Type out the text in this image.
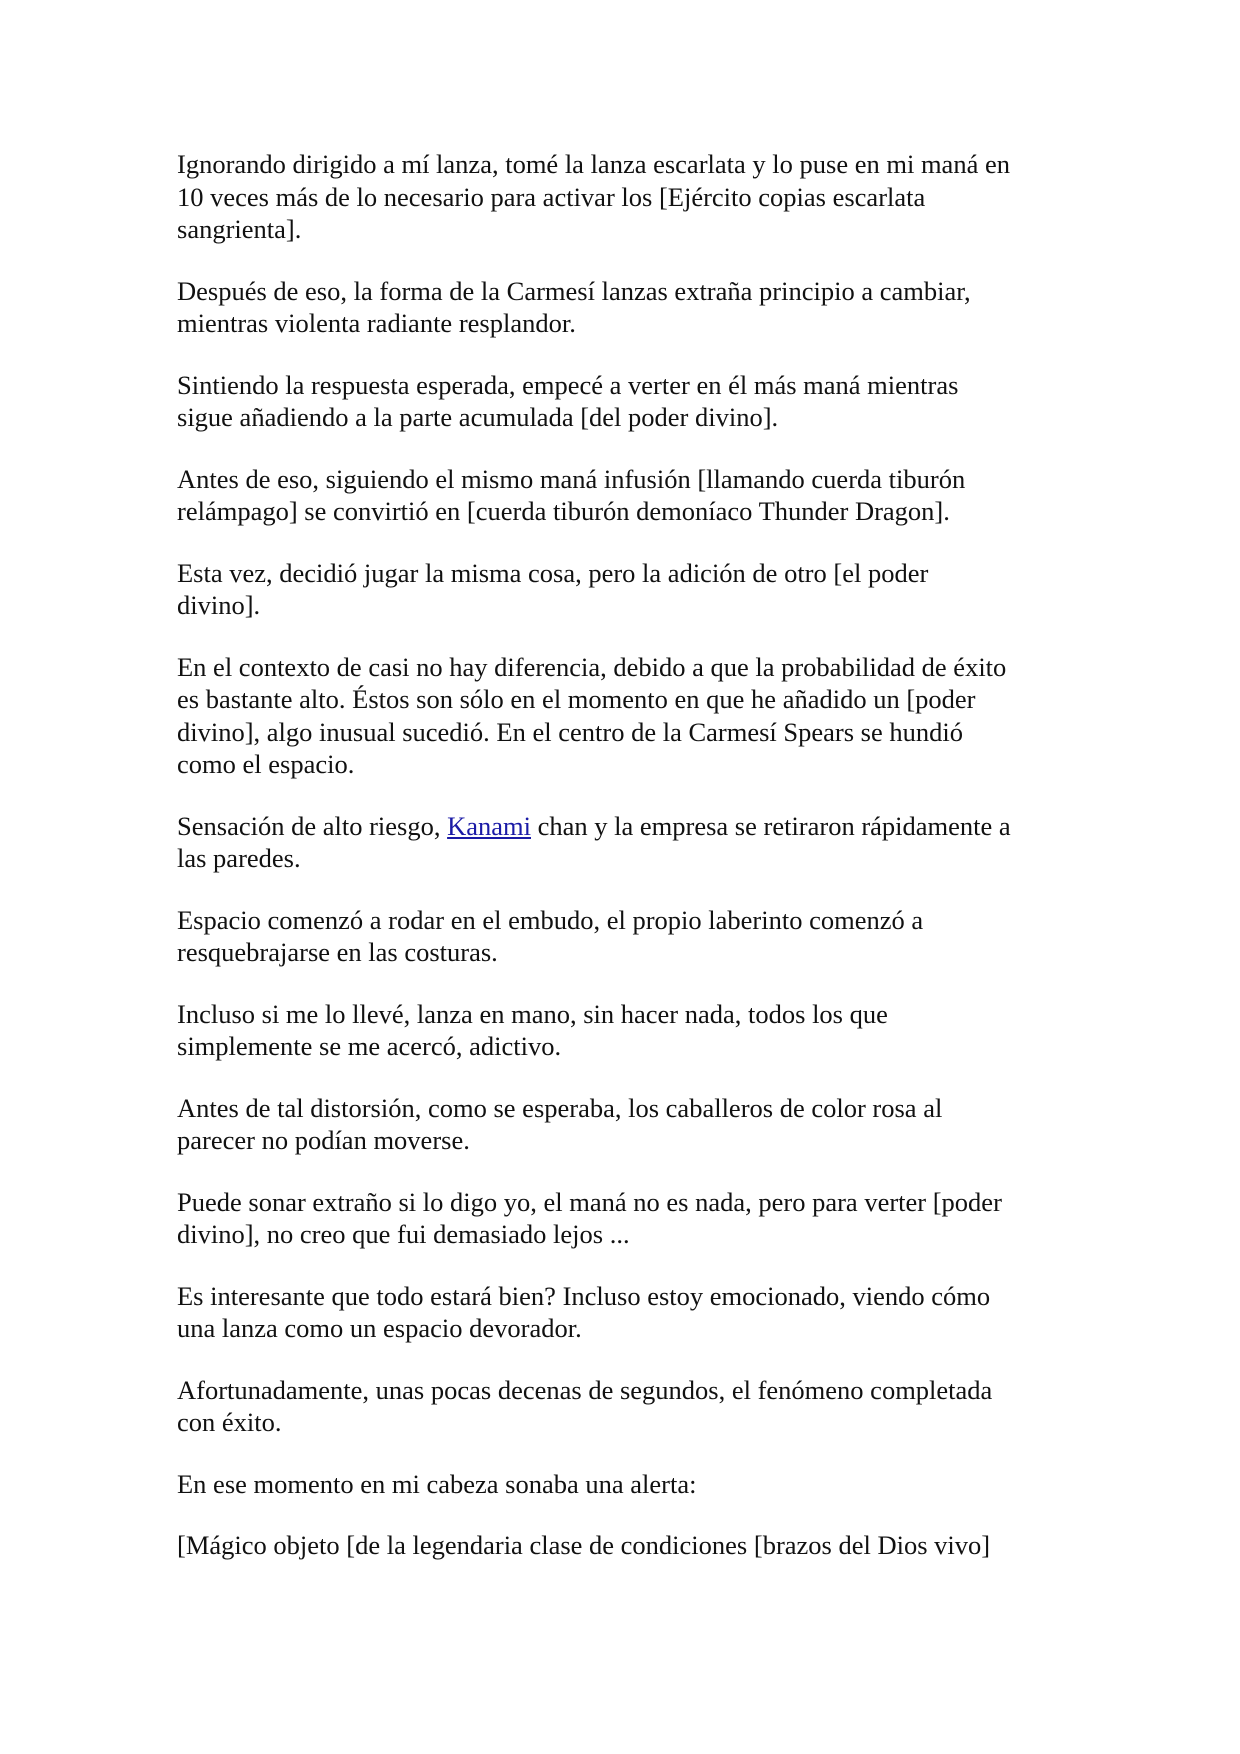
Ignorando dirigido a mí lanza, tomé la lanza escarlata y lo puse en mi maná en
10 veces más de lo necesario para activar los [Ejército copias escarlata
sangrienta].

Después de eso, la forma de la Carmesí lanzas extraña principio a cambiar,
mientras violenta radiante resplandor.

Sintiendo la respuesta esperada, empecé a verter en él más maná mientras
sigue añadiendo a la parte acumulada [del poder divino].

Antes de eso, siguiendo el mismo maná infusión [llamando cuerda tiburón
relámpago] se convirtió en [cuerda tiburón demoníaco Thunder Dragon].

Esta vez, decidió jugar la misma cosa, pero la adición de otro [el poder
divino].

En el contexto de casi no hay diferencia, debido a que la probabilidad de éxito
es bastante alto. Éstos son sólo en el momento en que he añadido un [poder
divino], algo inusual sucedió. En el centro de la Carmesí Spears se hundió
como el espacio.

Sensación de alto riesgo, Kanami chan y la empresa se retiraron rápidamente a
las paredes.

Espacio comenzó a rodar en el embudo, el propio laberinto comenzó a
resquebrajarse en las costuras.

Incluso si me lo llevé, lanza en mano, sin hacer nada, todos los que
simplemente se me acercó, adictivo.

Antes de tal distorsión, como se esperaba, los caballeros de color rosa al
parecer no podían moverse.

Puede sonar extraño si lo digo yo, el maná no es nada, pero para verter [poder
divino], no creo que fui demasiado lejos ...

Es interesante que todo estará bien? Incluso estoy emocionado, viendo cómo
una lanza como un espacio devorador.

Afortunadamente, unas pocas decenas de segundos, el fenómeno completada
con éxito.

En ese momento en mi cabeza sonaba una alerta:

[Mágico objeto [de la legendaria clase de condiciones [brazos del Dios vivo]
